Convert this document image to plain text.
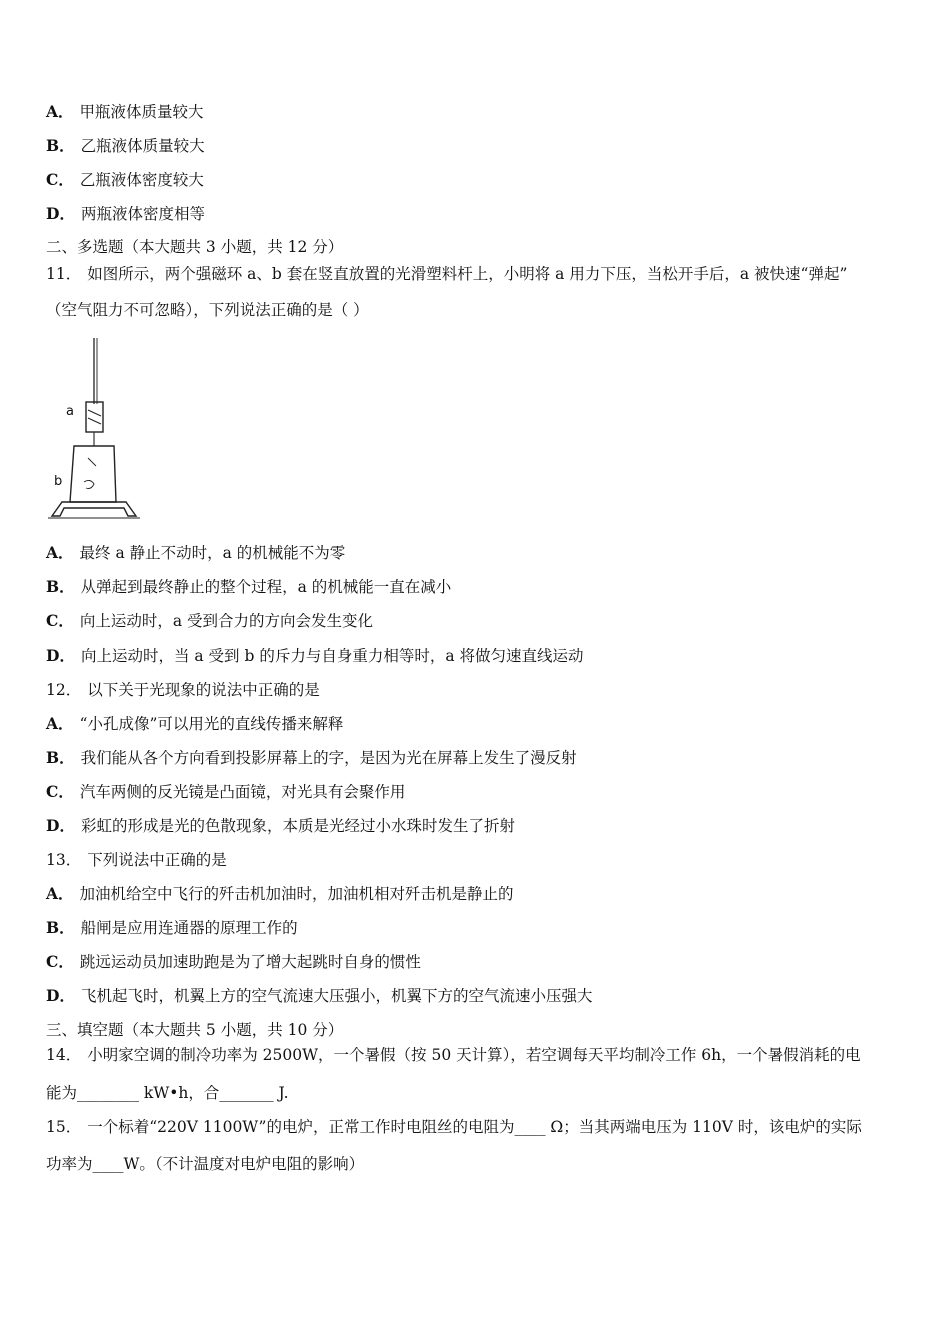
A． 甲瓶液体质量较大
B． 乙瓶液体质量较大
C． 乙瓶液体密度较大
D． 两瓶液体密度相等
二、多选题（本大题共 3 小题，共 12 分）
11． 如图所示，两个强磁环 a、b 套在竖直放置的光滑塑料杆上，小明将 a 用力下压，当松开手后，a 被快速“弹起”
（空气阻力不可忽略），下列说法正确的是（ ）
a
b
A． 最终 a 静止不动时，a 的机械能不为零
B． 从弹起到最终静止的整个过程，a 的机械能一直在减小
C． 向上运动时，a 受到合力的方向会发生变化
D． 向上运动时，当 a 受到 b 的斥力与自身重力相等时，a 将做匀速直线运动
12． 以下关于光现象的说法中正确的是
A． “小孔成像”可以用光的直线传播来解释
B． 我们能从各个方向看到投影屏幕上的字，是因为光在屏幕上发生了漫反射
C． 汽车两侧的反光镜是凸面镜，对光具有会聚作用
D． 彩虹的形成是光的色散现象，本质是光经过小水珠时发生了折射
13． 下列说法中正确的是
A． 加油机给空中飞行的歼击机加油时，加油机相对歼击机是静止的
B． 船闸是应用连通器的原理工作的
C． 跳远运动员加速助跑是为了增大起跳时自身的惯性
D． 飞机起飞时，机翼上方的空气流速大压强小，机翼下方的空气流速小压强大
三、填空题（本大题共 5 小题，共 10 分）
14． 小明家空调的制冷功率为 2500W，一个暑假（按 50 天计算），若空调每天平均制冷工作 6h，一个暑假消耗的电
能为________ kW•h，合_______ J.
15． 一个标着“220V 1100W”的电炉，正常工作时电阻丝的电阻为____ Ω；当其两端电压为 110V 时，该电炉的实际
功率为____W。（不计温度对电炉电阻的影响）
